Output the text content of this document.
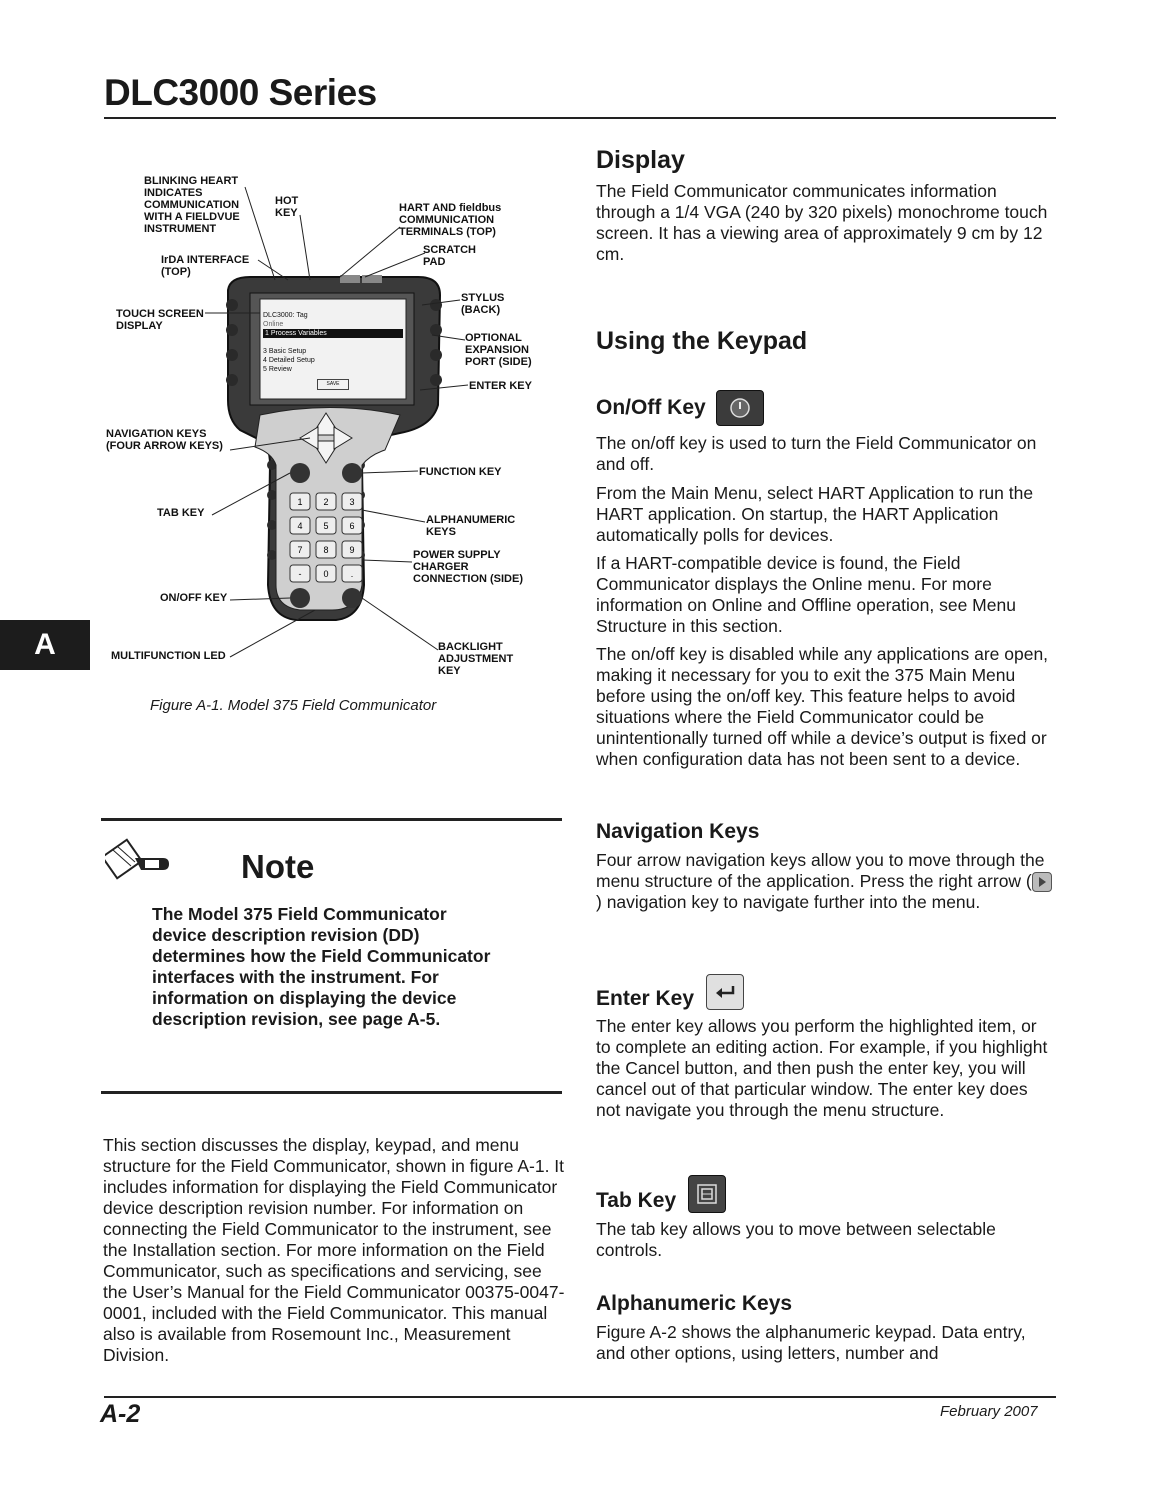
DLC3000 Series
A
1 2 3
4 5 6
7 8 9
- 0 .
DLC3000: Tag
Online
1 Process Variables
3 Basic Setup
4 Detailed Setup
5 Review
SAVE
BLINKING HEART
INDICATES
COMMUNICATION
WITH A FIELDVUE
INSTRUMENT
HOT
KEY	HART AND fieldbus
COMMUNICATION
TERMINALS (TOP)
SCRATCH
PAD
IrDA INTERFACE
(TOP)
STYLUS
(BACK)
TOUCH SCREEN
DISPLAY
OPTIONAL
EXPANSION
PORT (SIDE)
ENTER KEY
NAVIGATION KEYS
(FOUR ARROW KEYS)
FUNCTION KEY
TAB KEY
ALPHANUMERIC
KEYS
POWER SUPPLY
CHARGER
CONNECTION (SIDE)
ON/OFF KEY
MULTIFUNCTION LED
BACKLIGHT
ADJUSTMENT
KEY
Figure A-1. Model 375 Field Communicator
Note
The Model 375 Field Communicator device description revision (DD) determines how the Field Communicator interfaces with the instrument. For information on displaying the device description revision, see page A-5.
This section discusses the display, keypad, and menu structure for the Field Communicator, shown in figure A-1. It includes information for displaying the Field Communicator device description revision number. For information on connecting the Field Communicator to the instrument, see the Installation section. For more information on the Field Communicator, such as specifications and servicing, see the User’s Manual for the Field Communicator 00375-0047-0001, included with the Field Communicator. This manual also is available from Rosemount Inc., Measurement Division.
Display
The Field Communicator communicates information through a 1/4 VGA (240 by 320 pixels) monochrome touch screen. It has a viewing area of approximately 9 cm by 12 cm.
Using the Keypad
On/Off Key
The on/off key is used to turn the Field Communicator on and off.
From the Main Menu, select HART Application to run the HART application. On startup, the HART Application automatically polls for devices.
If a HART-compatible device is found, the Field Communicator displays the Online menu. For more information on Online and Offline operation, see Menu Structure in this section.
The on/off key is disabled while any applications are open, making it necessary for you to exit the 375 Main Menu before using the on/off key. This feature helps to avoid situations where the Field Communicator could be unintentionally turned off while a device’s output is fixed or when configuration data has not been sent to a device.
Navigation Keys
Four arrow navigation keys allow you to move through the menu structure of the application. Press the right arrow (
) navigation key to navigate further into the menu.
Enter Key
The enter key allows you perform the highlighted item, or to complete an editing action. For example, if you highlight the Cancel button, and then push the enter key, you will cancel out of that particular window. The enter key does not navigate you through the menu structure.
Tab Key
The tab key allows you to move between selectable controls.
Alphanumeric Keys
Figure A-2 shows the alphanumeric keypad. Data entry, and other options, using letters, number and
A-2	February 2007
